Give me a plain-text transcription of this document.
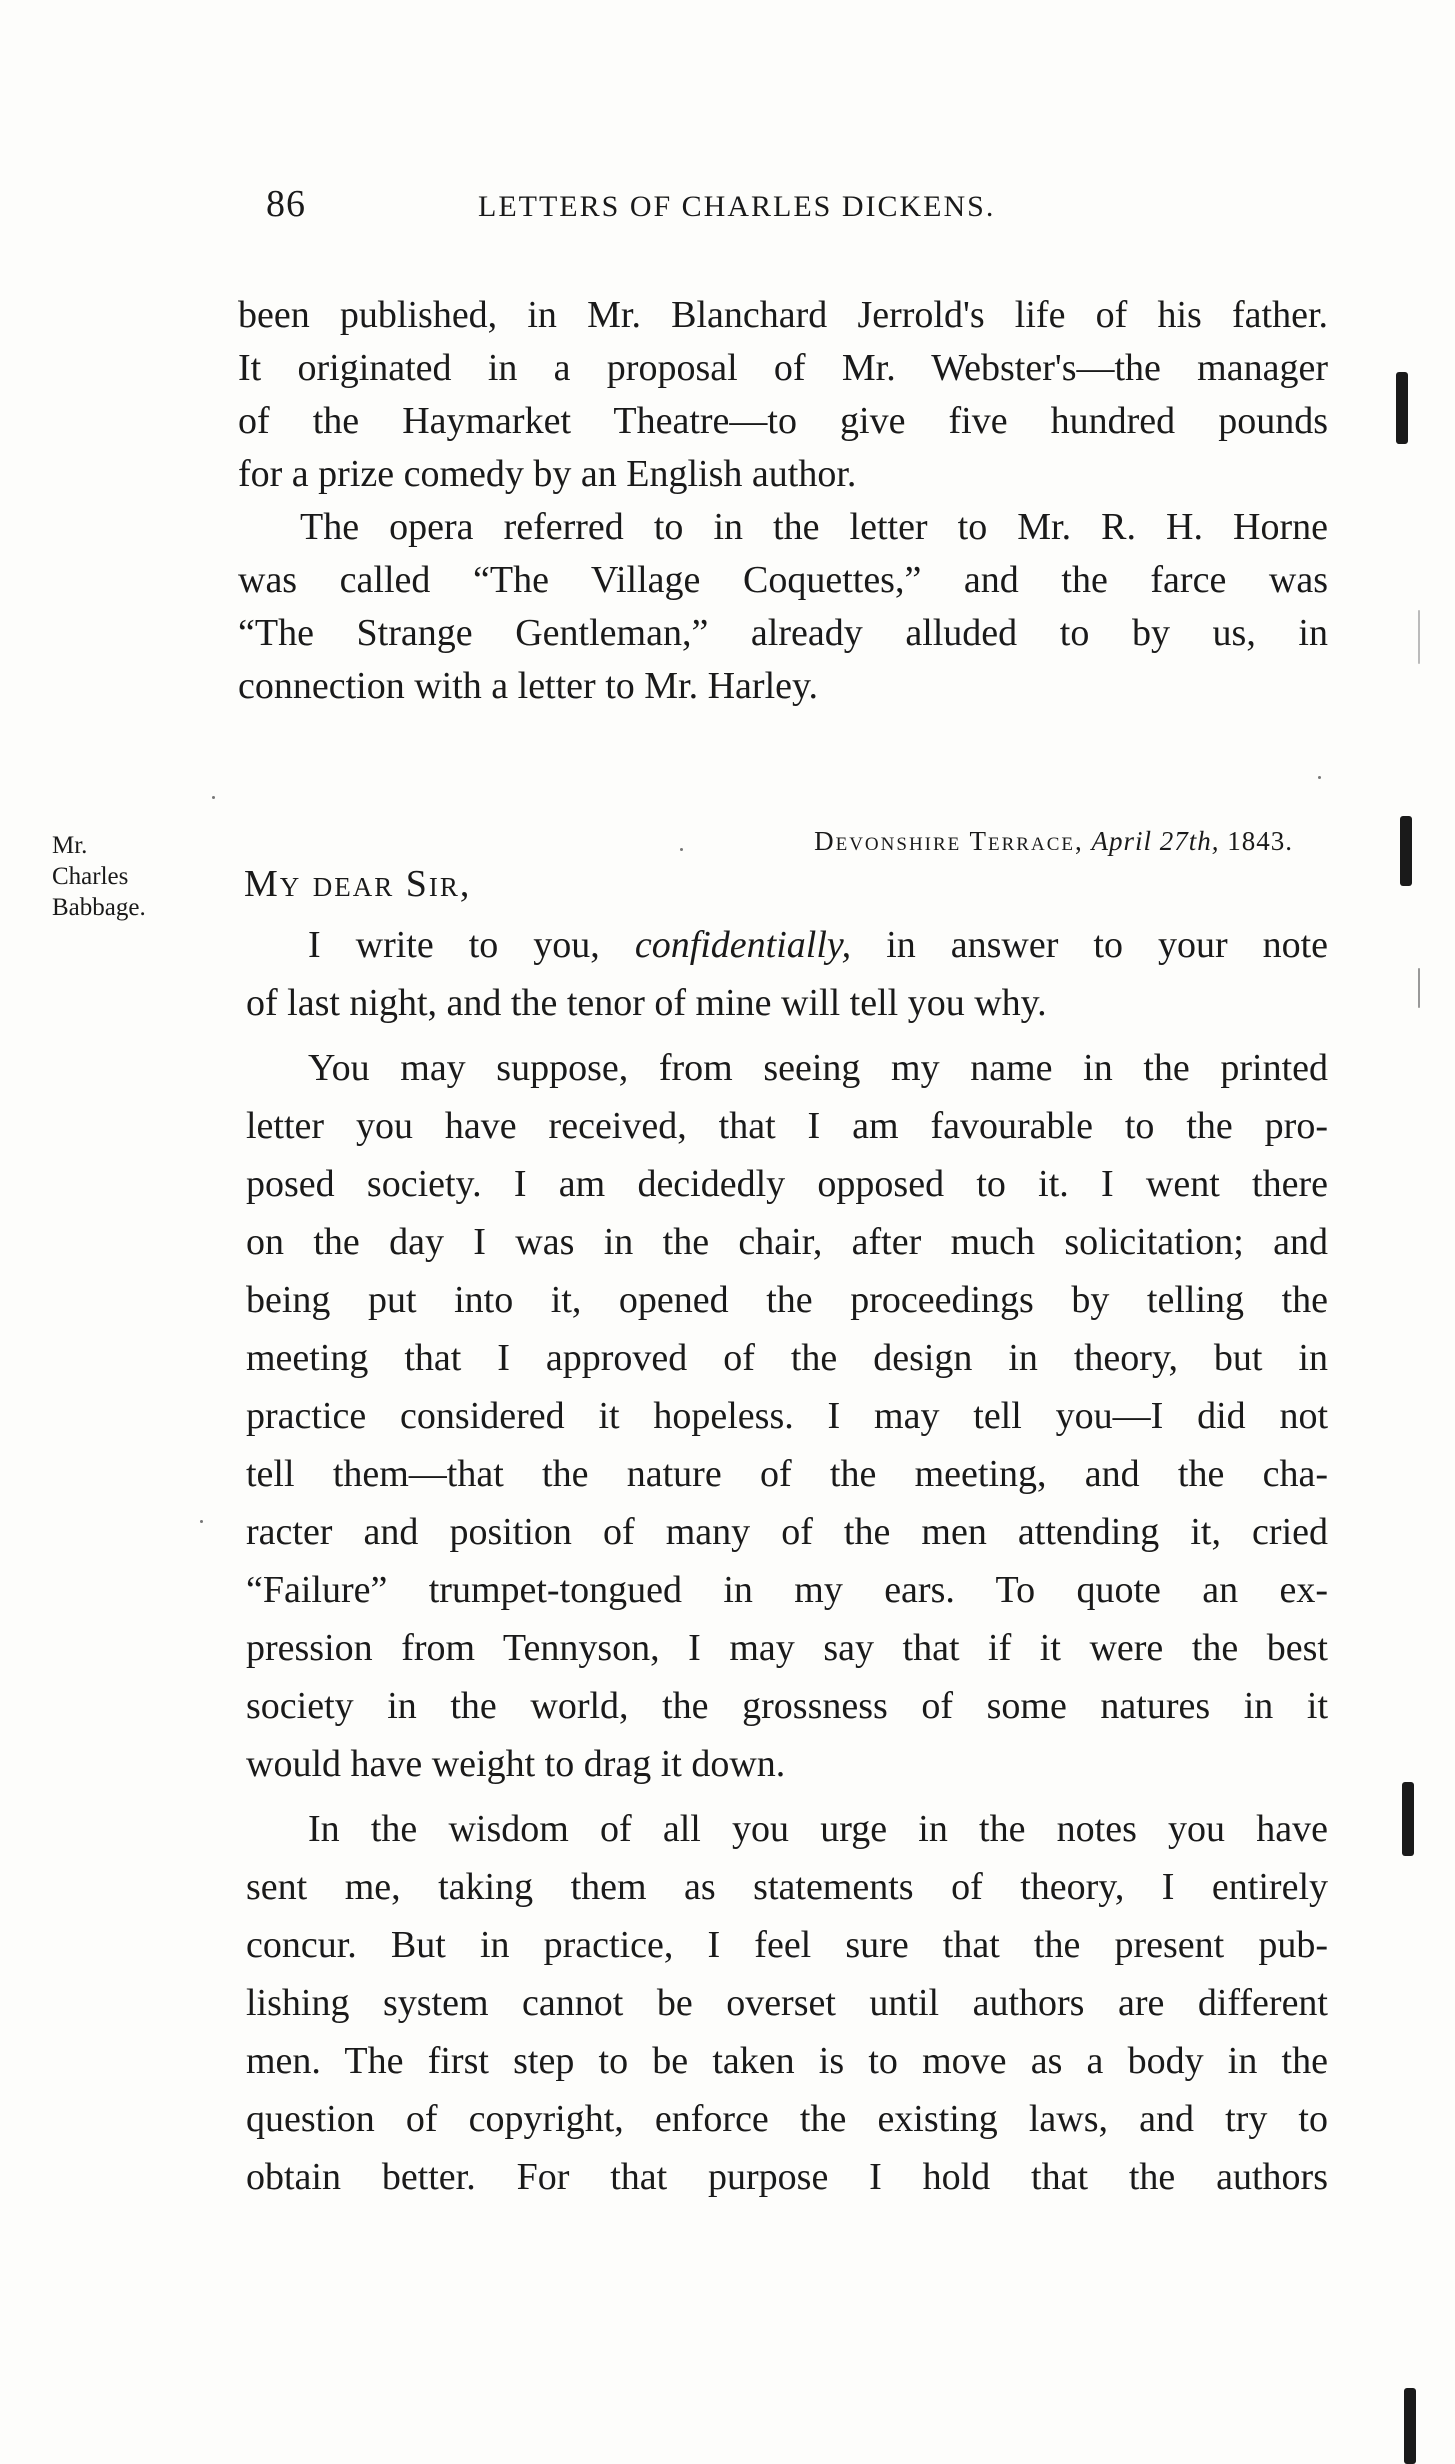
86	LETTERS OF CHARLES DICKENS.
been published, in Mr. Blanchard Jerrold's life of his father.
It originated in a proposal of Mr. Webster's—the manager
of the Haymarket Theatre—to give five hundred pounds
for a prize comedy by an English author.
The opera referred to in the letter to Mr. R. H. Horne
was called “The Village Coquettes,” and the farce was
“The Strange Gentleman,” already alluded to by us, in
connection with a letter to Mr. Harley.
Mr.
Charles
Babbage.
Devonshire Terrace, April 27th, 1843.
My dear Sir,
I write to you, confidentially, in answer to your note
of last night, and the tenor of mine will tell you why.
You may suppose, from seeing my name in the printed
letter you have received, that I am favourable to the pro-
posed society. I am decidedly opposed to it. I went there
on the day I was in the chair, after much solicitation; and
being put into it, opened the proceedings by telling the
meeting that I approved of the design in theory, but in
practice considered it hopeless. I may tell you—I did not
tell them—that the nature of the meeting, and the cha-
racter and position of many of the men attending it, cried
“Failure” trumpet-tongued in my ears. To quote an ex-
pression from Tennyson, I may say that if it were the best
society in the world, the grossness of some natures in it
would have weight to drag it down.
In the wisdom of all you urge in the notes you have
sent me, taking them as statements of theory, I entirely
concur. But in practice, I feel sure that the present pub-
lishing system cannot be overset until authors are different
men. The first step to be taken is to move as a body in the
question of copyright, enforce the existing laws, and try to
obtain better. For that purpose I hold that the authors
